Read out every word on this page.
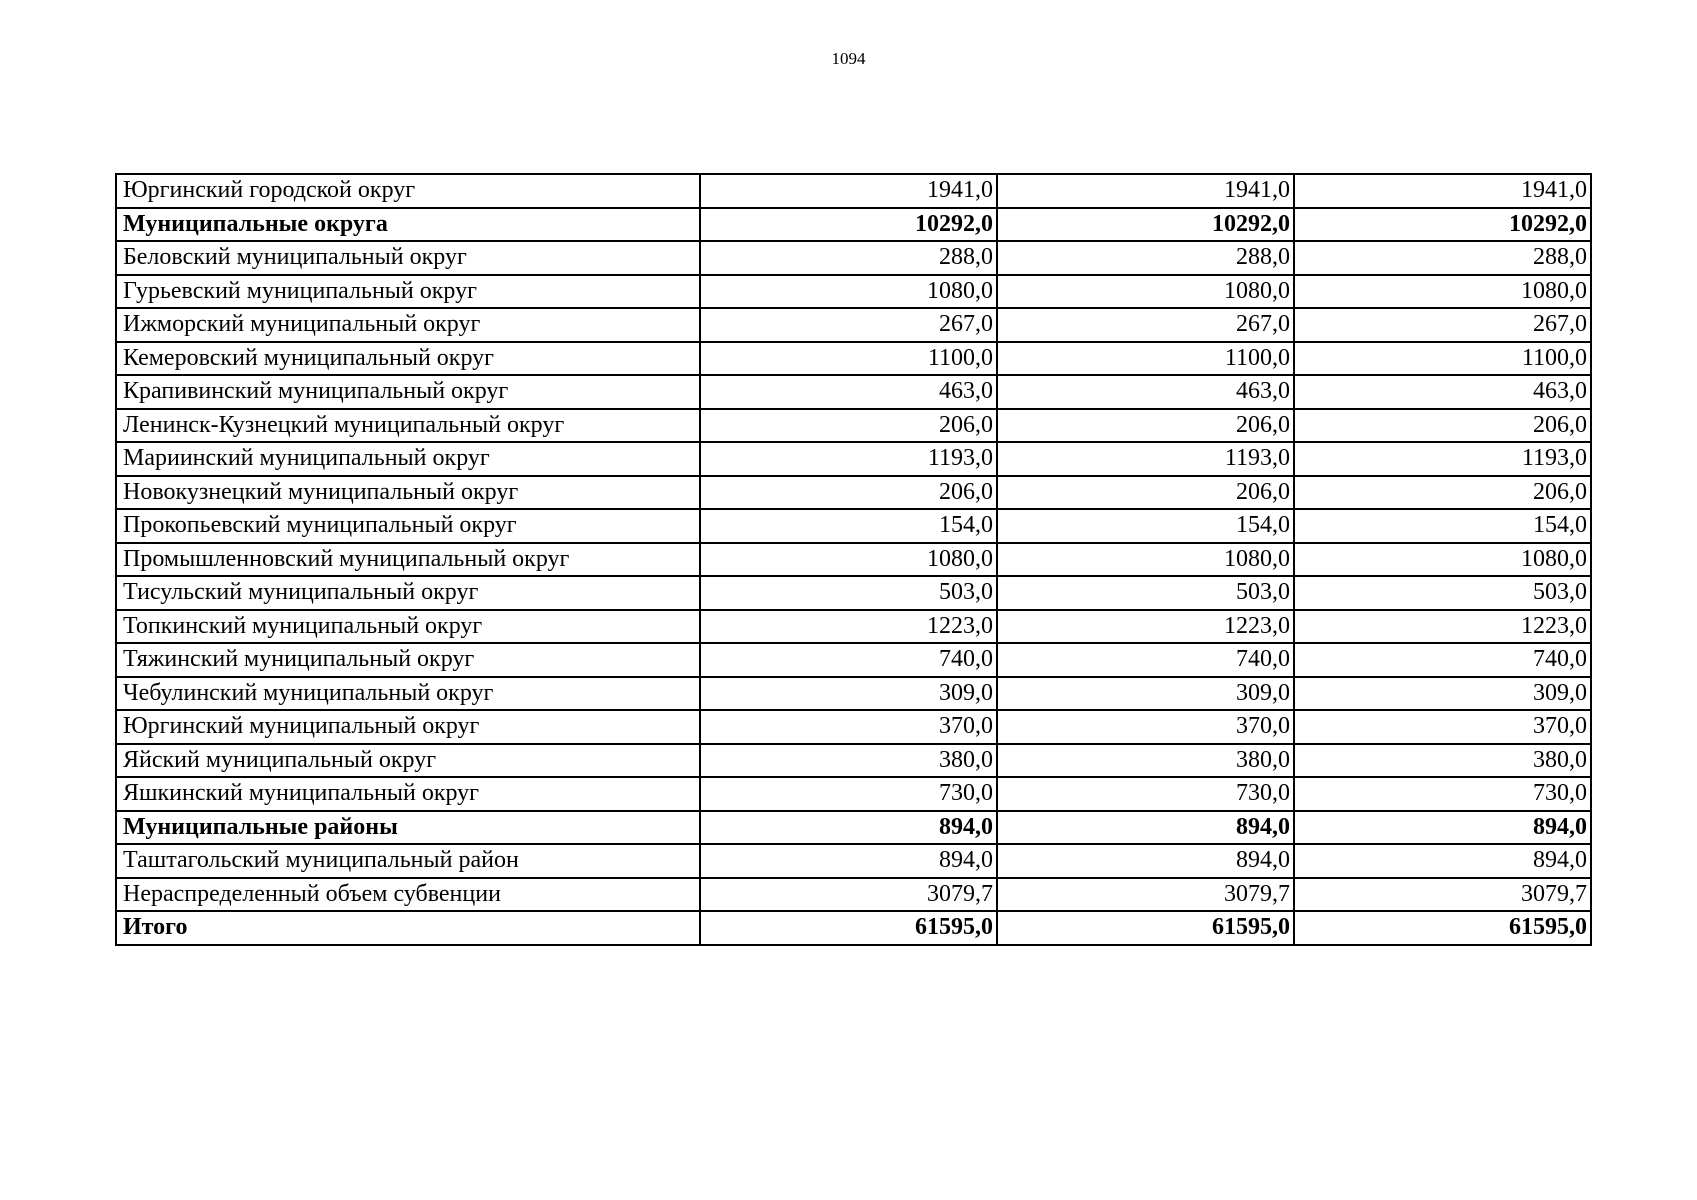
1094
Юргинский городской округ	1941,0	1941,0	1941,0
Муниципальные округа	10292,0	10292,0	10292,0
Беловский муниципальный округ	288,0	288,0	288,0
Гурьевский муниципальный округ	1080,0	1080,0	1080,0
Ижморский муниципальный округ	267,0	267,0	267,0
Кемеровский муниципальный округ	1100,0	1100,0	1100,0
Крапивинский муниципальный округ	463,0	463,0	463,0
Ленинск-Кузнецкий муниципальный округ	206,0	206,0	206,0
Мариинский муниципальный округ	1193,0	1193,0	1193,0
Новокузнецкий муниципальный округ	206,0	206,0	206,0
Прокопьевский муниципальный округ	154,0	154,0	154,0
Промышленновский муниципальный округ	1080,0	1080,0	1080,0
Тисульский муниципальный округ	503,0	503,0	503,0
Топкинский муниципальный округ	1223,0	1223,0	1223,0
Тяжинский муниципальный округ	740,0	740,0	740,0
Чебулинский муниципальный округ	309,0	309,0	309,0
Юргинский муниципальный округ	370,0	370,0	370,0
Яйский муниципальный округ	380,0	380,0	380,0
Яшкинский муниципальный округ	730,0	730,0	730,0
Муниципальные районы	894,0	894,0	894,0
Таштагольский муниципальный район	894,0	894,0	894,0
Нераспределенный объем субвенции	3079,7	3079,7	3079,7
Итого	61595,0	61595,0	61595,0
